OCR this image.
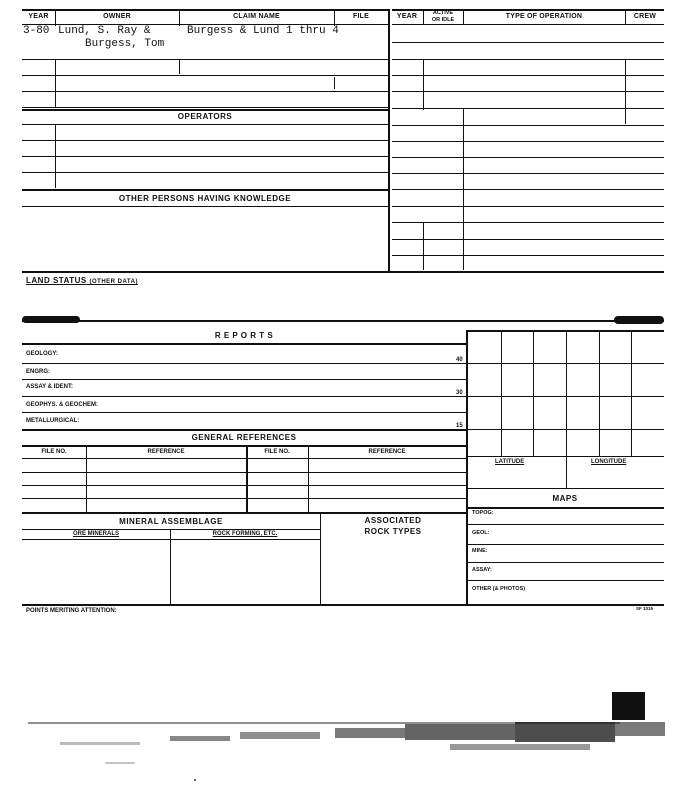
YEAR	OWNER	CLAIM NAME	FILE
3-80 Lund, S. Ray &	Burgess & Lund 1 thru 4
Burgess, Tom
YEAR	ACTIVE
OR IDLE	TYPE OF OPERATION	CREW
OPERATORS
OTHER PERSONS HAVING KNOWLEDGE
LAND STATUS (OTHER DATA)
R E P O R T S
GEOLOGY:
40
ENGRG:
ASSAY & IDENT:
30
GEOPHYS. & GEOCHEM:
METALLURGICAL:
15
GENERAL REFERENCES
FILE NO.	REFERENCE	FILE NO.	REFERENCE
LATITUDE	LONGITUDE
MAPS
TOPOG:
GEOL:
MINE:
ASSAY:
OTHER (& PHOTOS)
MINERAL ASSEMBLAGE
ORE MINERALS	ROCK FORMING, ETC.
ASSOCIATED
ROCK TYPES
POINTS MERITING ATTENTION:	SF 1015
